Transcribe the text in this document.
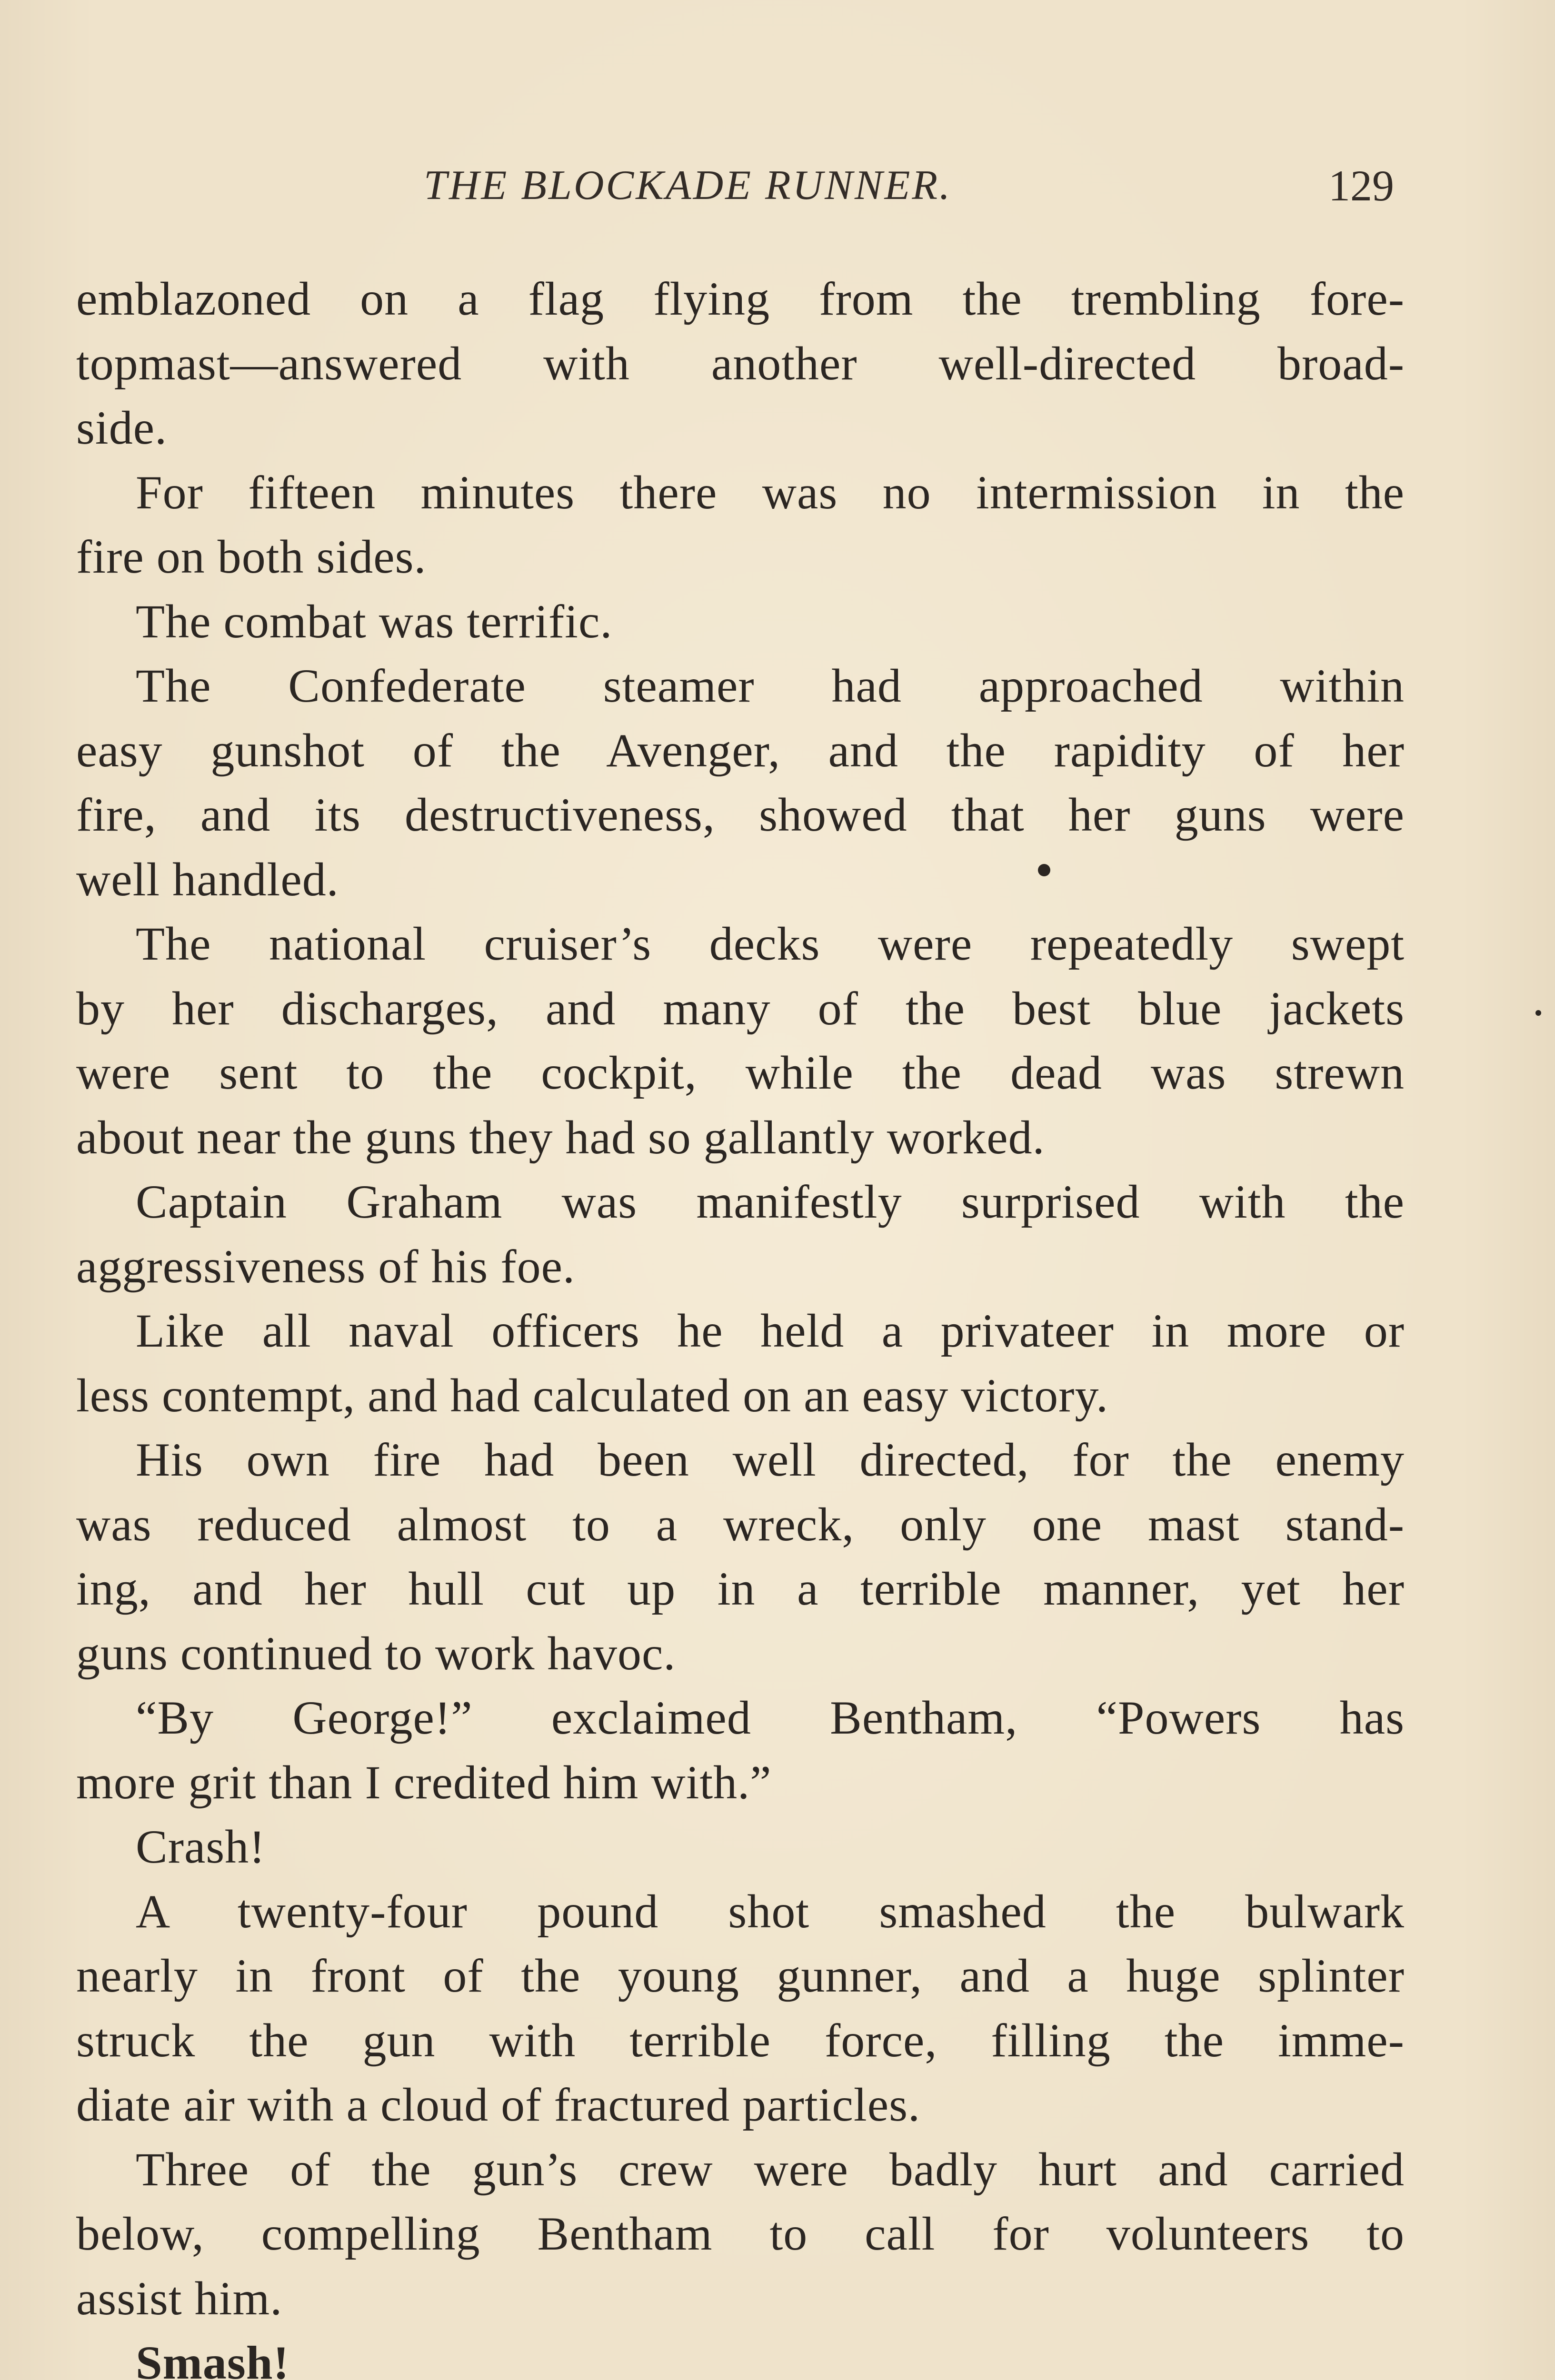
THE BLOCKADE RUNNER.	129
emblazoned on a flag flying from the trembling fore-
topmast—answered with another well-directed broad-
side.
For fifteen minutes there was no intermission in the
fire on both sides.
The combat was terrific.
The Confederate steamer had approached within
easy gunshot of the Avenger, and the rapidity of her
fire, and its destructiveness, showed that her guns were
well handled.
The national cruiser’s decks were repeatedly swept
by her discharges, and many of the best blue jackets
were sent to the cockpit, while the dead was strewn
about near the guns they had so gallantly worked.
Captain Graham was manifestly surprised with the
aggressiveness of his foe.
Like all naval officers he held a privateer in more or
less contempt, and had calculated on an easy victory.
His own fire had been well directed, for the enemy
was reduced almost to a wreck, only one mast stand-
ing, and her hull cut up in a terrible manner, yet her
guns continued to work havoc.
“By George!” exclaimed Bentham, “Powers has
more grit than I credited him with.”
Crash!
A twenty-four pound shot smashed the bulwark
nearly in front of the young gunner, and a huge splinter
struck the gun with terrible force, filling the imme-
diate air with a cloud of fractured particles.
Three of the gun’s crew were badly hurt and carried
below, compelling Bentham to call for volunteers to
assist him.
Smash!
